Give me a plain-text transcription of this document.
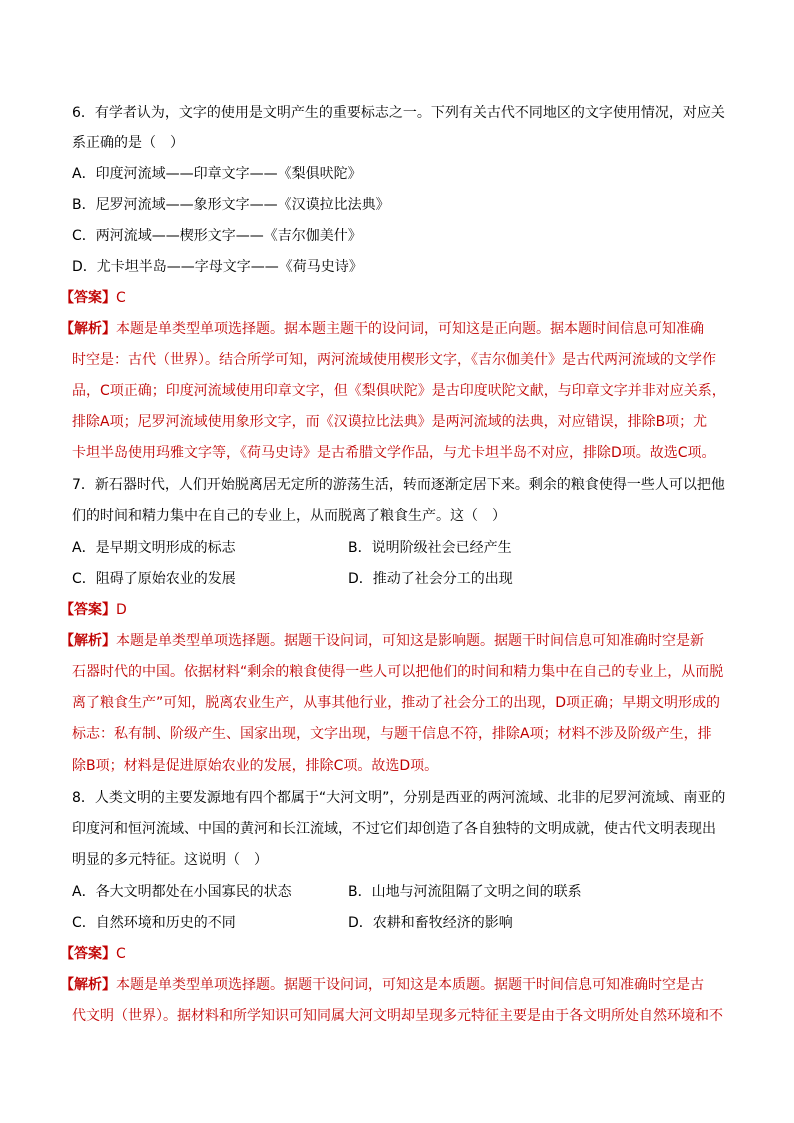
6．有学者认为，文字的使用是文明产生的重要标志之一。下列有关古代不同地区的文字使用情况，对应关
系正确的是（　）
A．印度河流域——印章文字——《梨俱吠陀》
B．尼罗河流域——象形文字——《汉谟拉比法典》
C．两河流域——楔形文字——《吉尔伽美什》
D．尤卡坦半岛——字母文字——《荷马史诗》
【答案】C
【解析】本题是单类型单项选择题。据本题主题干的设问词，可知这是正向题。据本题时间信息可知准确
时空是：古代（世界）。结合所学可知，两河流域使用楔形文字，《吉尔伽美什》是古代两河流域的文学作
品，C项正确；印度河流域使用印章文字，但《梨俱吠陀》是古印度吠陀文献，与印章文字并非对应关系，
排除A项；尼罗河流域使用象形文字，而《汉谟拉比法典》是两河流域的法典，对应错误，排除B项；尤
卡坦半岛使用玛雅文字等，《荷马史诗》是古希腊文学作品，与尤卡坦半岛不对应，排除D项。故选C项。
7．新石器时代，人们开始脱离居无定所的游荡生活，转而逐渐定居下来。剩余的粮食使得一些人可以把他
们的时间和精力集中在自己的专业上，从而脱离了粮食生产。这（　）
A．是早期文明形成的标志	B．说明阶级社会已经产生
C．阻碍了原始农业的发展	D．推动了社会分工的出现
【答案】D
【解析】本题是单类型单项选择题。据题干设问词，可知这是影响题。据题干时间信息可知准确时空是新
石器时代的中国。依据材料“剩余的粮食使得一些人可以把他们的时间和精力集中在自己的专业上，从而脱
离了粮食生产”可知，脱离农业生产，从事其他行业，推动了社会分工的出现，D项正确；早期文明形成的
标志：私有制、阶级产生、国家出现，文字出现，与题干信息不符，排除A项；材料不涉及阶级产生，排
除B项；材料是促进原始农业的发展，排除C项。故选D项。
8．人类文明的主要发源地有四个都属于“大河文明”，分别是西亚的两河流域、北非的尼罗河流域、南亚的
印度河和恒河流域、中国的黄河和长江流域，不过它们却创造了各自独特的文明成就，使古代文明表现出
明显的多元特征。这说明（　）
A．各大文明都处在小国寡民的状态	B．山地与河流阻隔了文明之间的联系
C．自然环境和历史的不同	D．农耕和畜牧经济的影响
【答案】C
【解析】本题是单类型单项选择题。据题干设问词，可知这是本质题。据题干时间信息可知准确时空是古
代文明（世界）。据材料和所学知识可知同属大河文明却呈现多元特征主要是由于各文明所处自然环境和不
